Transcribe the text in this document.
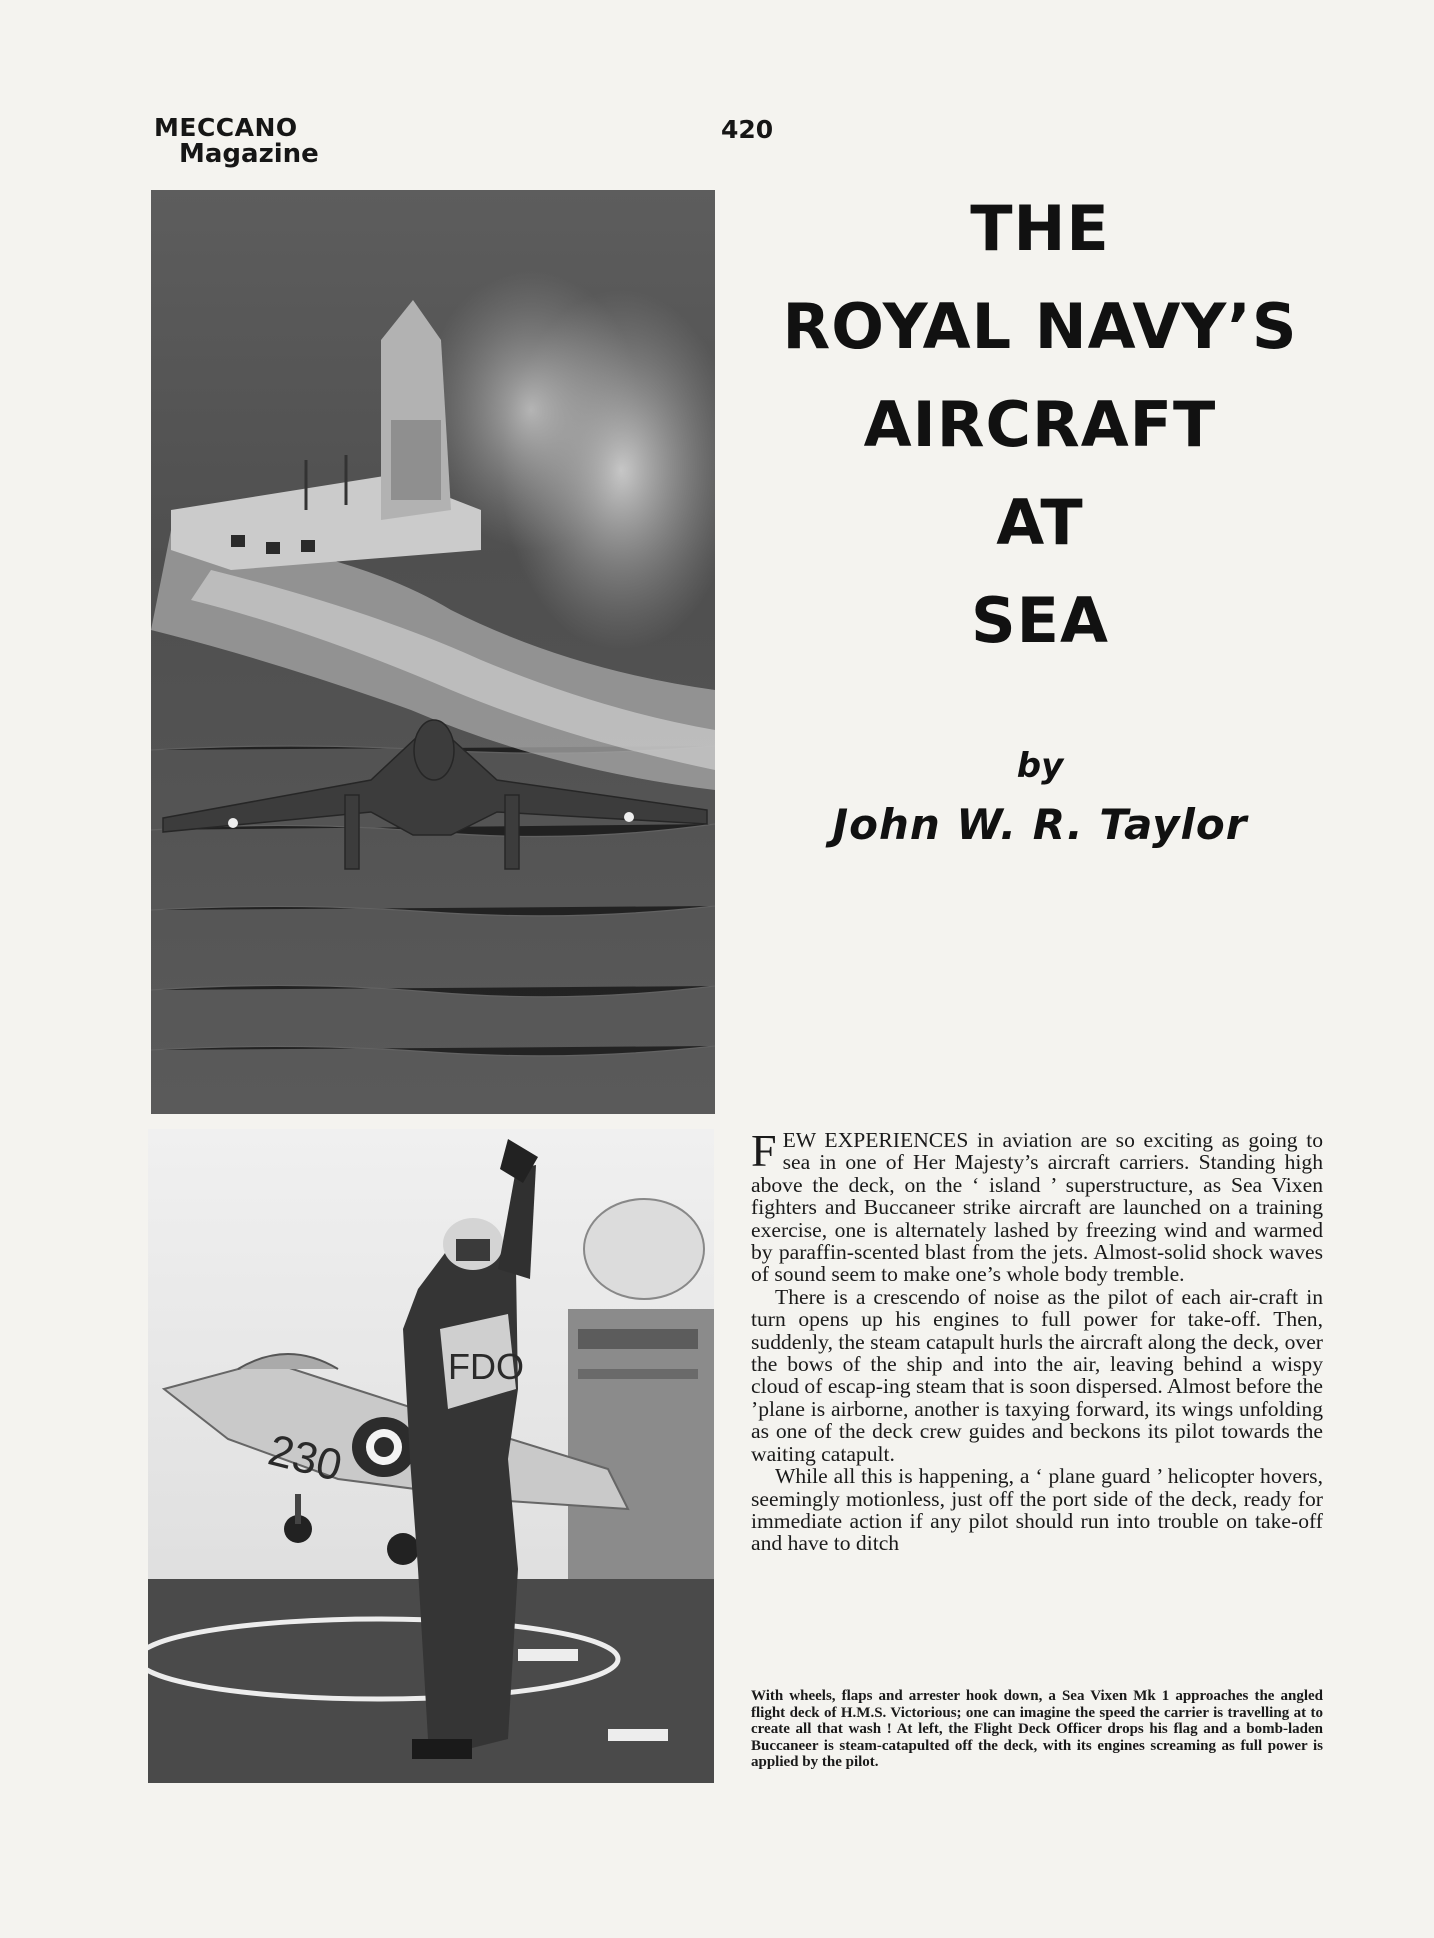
MECCANO
Magazine
420
230
FDO
THE
ROYAL NAVY’S
AIRCRAFT
AT
SEA
by
John W. R. Taylor

FEW EXPERIENCES in aviation are so exciting as going to sea in one of Her Majesty’s aircraft carriers. Standing high above the deck, on the ‘ island ’ superstructure, as Sea Vixen fighters and Buccaneer strike aircraft are launched on a training exercise, one is alternately lashed by freezing wind and warmed by paraffin-scented blast from the jets. Almost-solid shock waves of sound seem to make one’s whole body tremble.

There is a crescendo of noise as the pilot of each air-craft in turn opens up his engines to full power for take-off. Then, suddenly, the steam catapult hurls the aircraft along the deck, over the bows of the ship and into the air, leaving behind a wispy cloud of escap-ing steam that is soon dispersed. Almost before the ’plane is airborne, another is taxying forward, its wings unfolding as one of the deck crew guides and beckons its pilot towards the waiting catapult.

While all this is happening, a ‘ plane guard ’ helicopter hovers, seemingly motionless, just off the port side of the deck, ready for immediate action if any pilot should run into trouble on take-off and have to ditch

With wheels, flaps and arrester hook down, a Sea Vixen Mk 1 approaches the angled flight deck of H.M.S. Victorious; one can imagine the speed the carrier is travelling at to create all that wash ! At left, the Flight Deck Officer drops his flag and a bomb-laden Buccaneer is steam-catapulted off the deck, with its engines screaming as full power is applied by the pilot.
